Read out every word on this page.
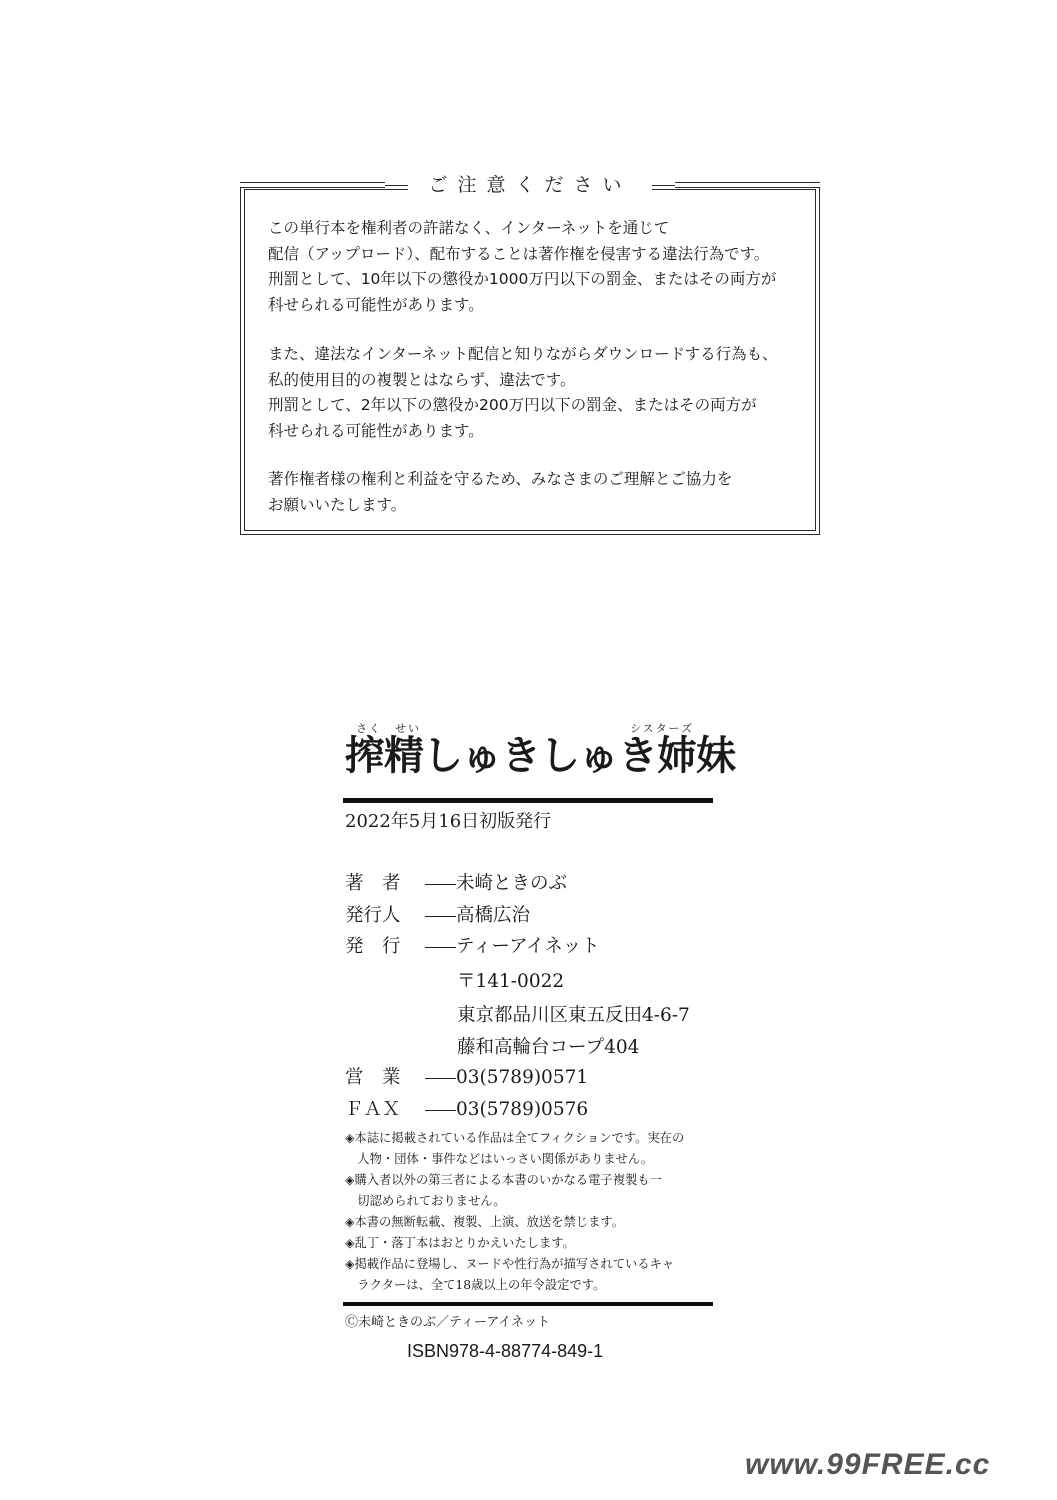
ご注意ください
この単行本を権利者の許諾なく、インターネットを通じて
配信（アップロード）、配布することは著作権を侵害する違法行為です。
刑罰として、10年以下の懲役か1000万円以下の罰金、またはその両方が
科せられる可能性があります。
また、違法なインターネット配信と知りながらダウンロードする行為も、
私的使用目的の複製とはならず、違法です。
刑罰として、2年以下の懲役か200万円以下の罰金、またはその両方が
科せられる可能性があります。
著作権者様の権利と利益を守るため、みなさまのご理解とご協力を
お願いいたします。
さく せい	シスターズ
搾精しゅきしゅき姉妹
2022年5月16日初版発行
著　者	未崎ときのぶ
発行人	高橋広治
発　行	ティーアイネット
〒141-0022
東京都品川区東五反田4-6-7
藤和高輪台コープ404
営　業	03(5789)0571
ＦＡＸ	03(5789)0576
◈本誌に掲載されている作品は全てフィクションです。実在の
　人物・団体・事件などはいっさい関係がありません。
◈購入者以外の第三者による本書のいかなる電子複製も一
　切認められておりません。
◈本書の無断転載、複製、上演、放送を禁じます。
◈乱丁・落丁本はおとりかえいたします。
◈掲載作品に登場し、ヌードや性行為が描写されているキャ
　ラクターは、全て18歳以上の年令設定です。
Ⓒ未崎ときのぶ／ティーアイネット
ISBN978-4-88774-849-1
www.99FREE.cc
